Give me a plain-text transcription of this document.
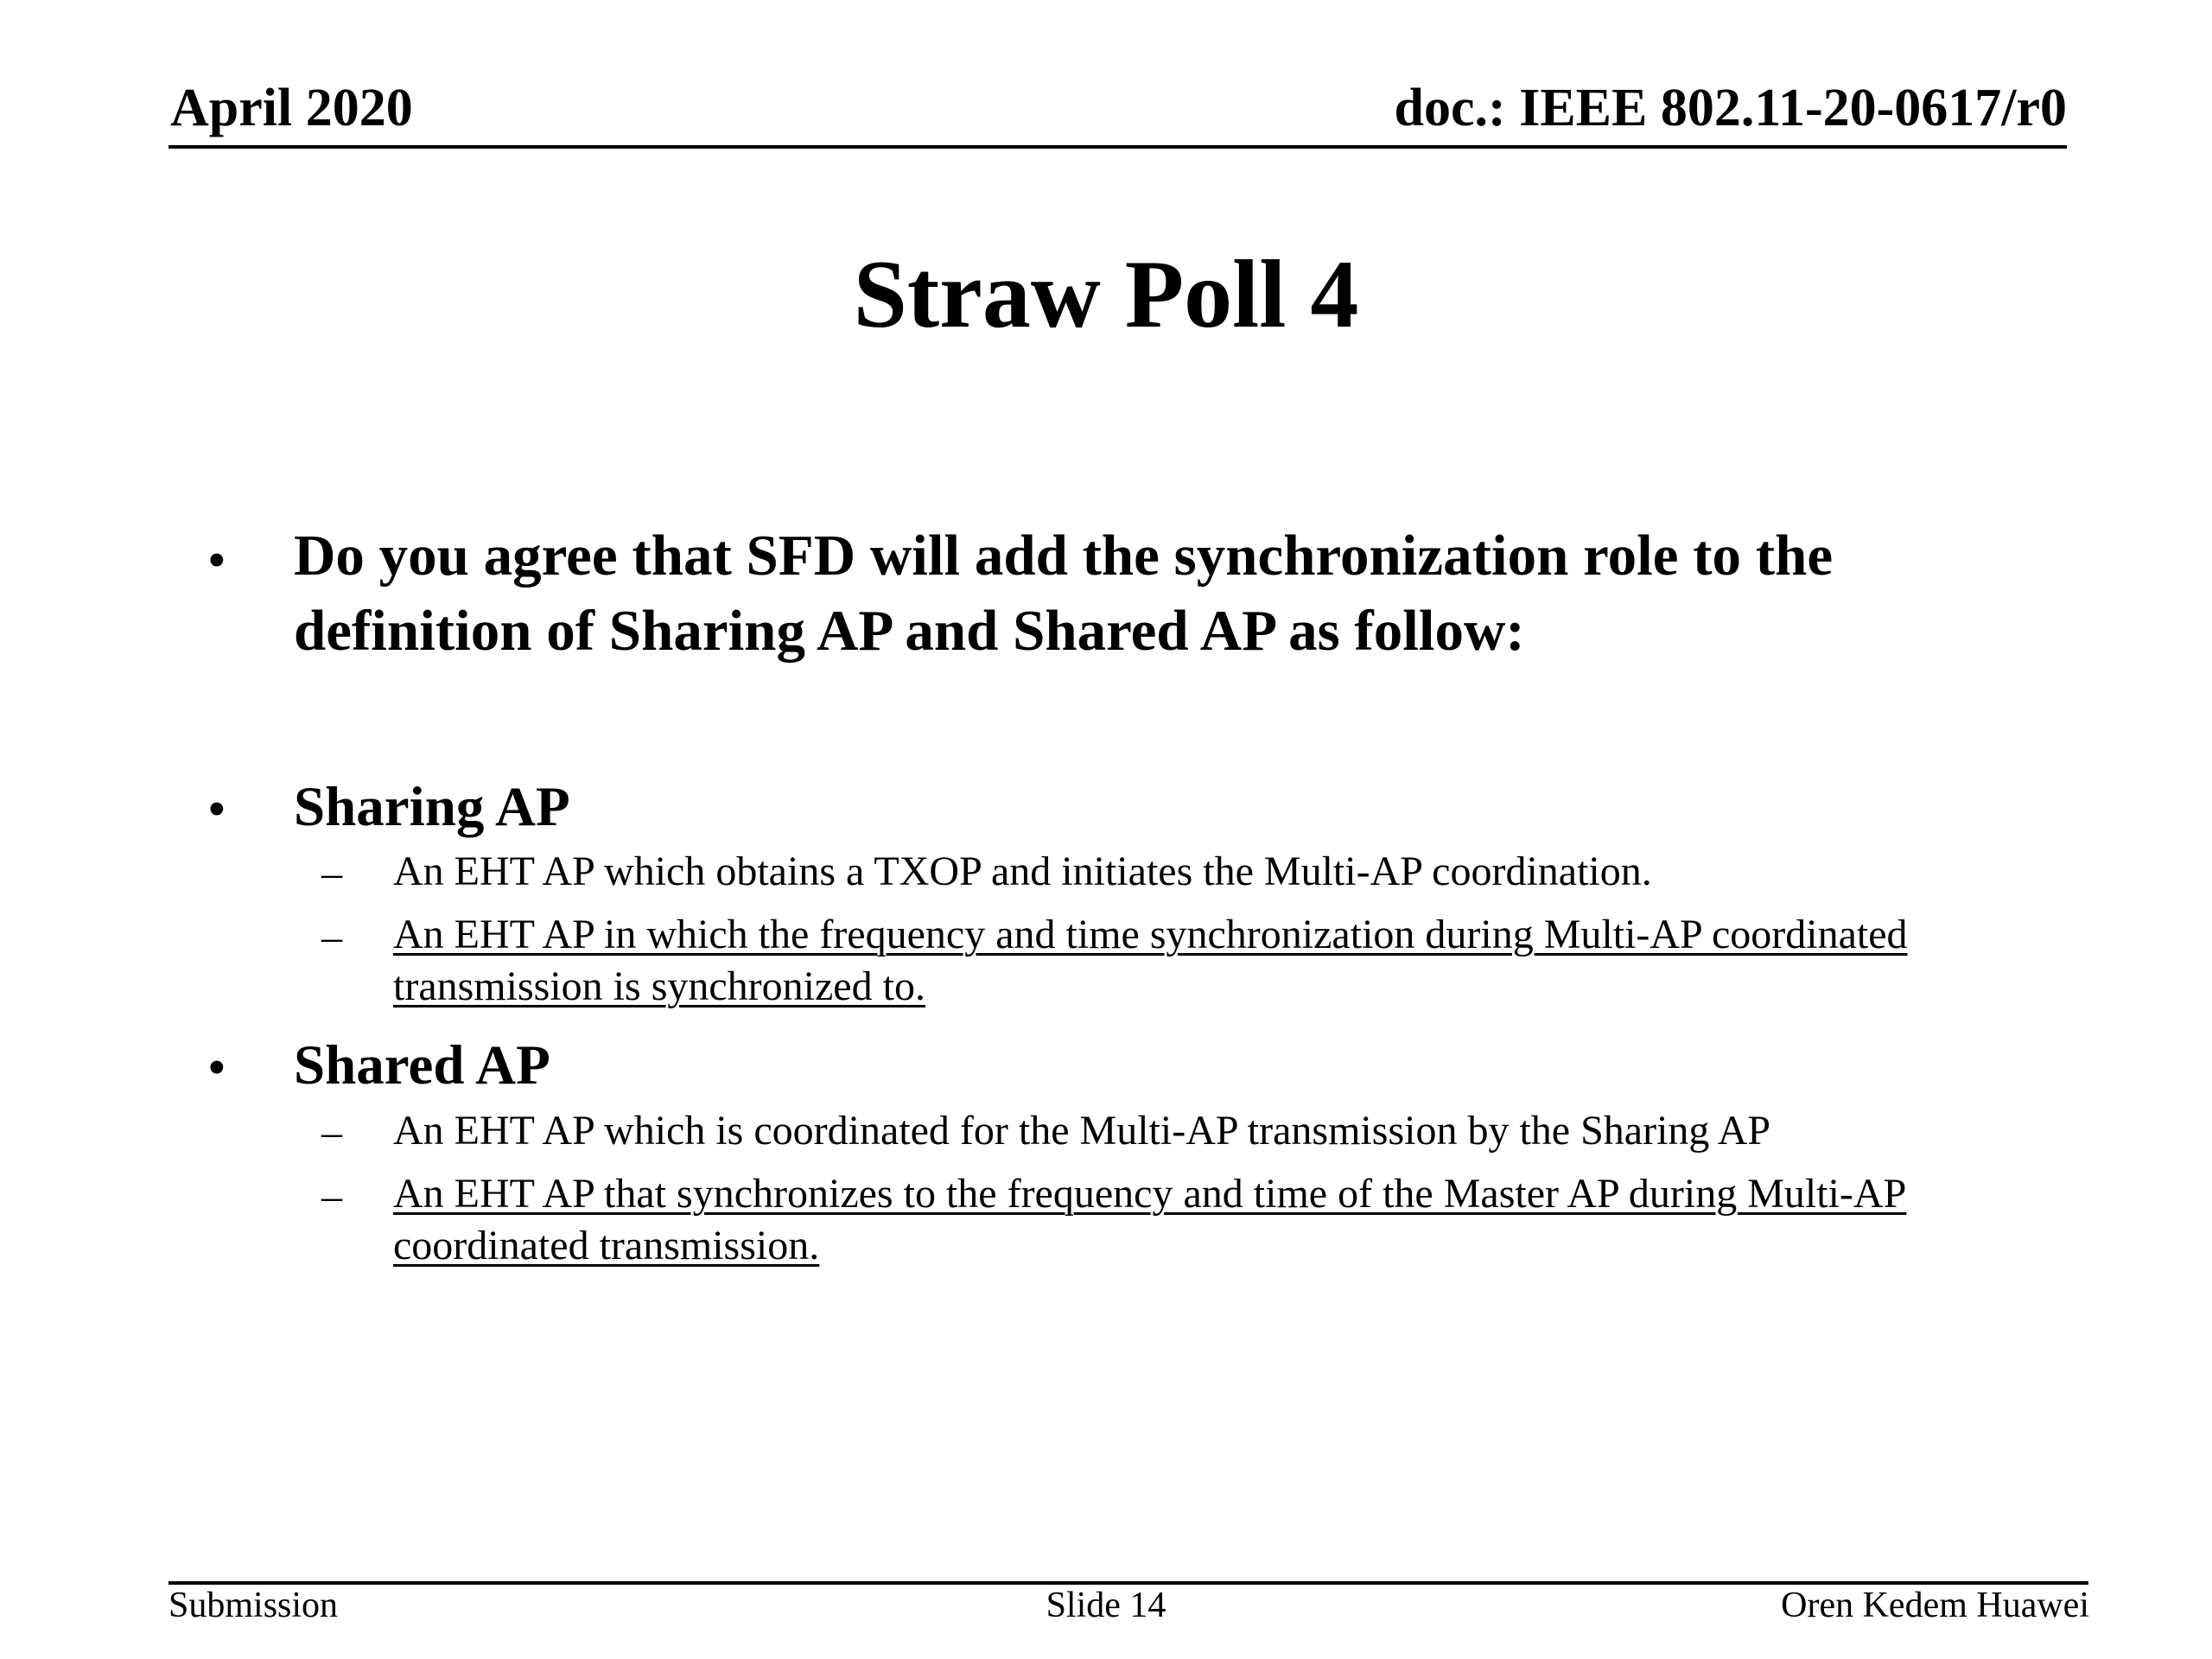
April 2020	doc.: IEEE 802.11-20-0617/r0
Straw Poll 4
• Do you agree that SFD will add the synchronization role to the definition of Sharing AP and Shared AP as follow:
• Sharing AP
– An EHT AP which obtains a TXOP and initiates the Multi-AP coordination.
– An EHT AP in which the frequency and time synchronization during Multi-AP coordinated transmission is synchronized to.
• Shared AP
– An EHT AP which is coordinated for the Multi-AP transmission by the Sharing AP
– An EHT AP that synchronizes to the frequency and time of the Master AP during Multi-AP coordinated transmission.
Submission	Slide 14	Oren Kedem Huawei
